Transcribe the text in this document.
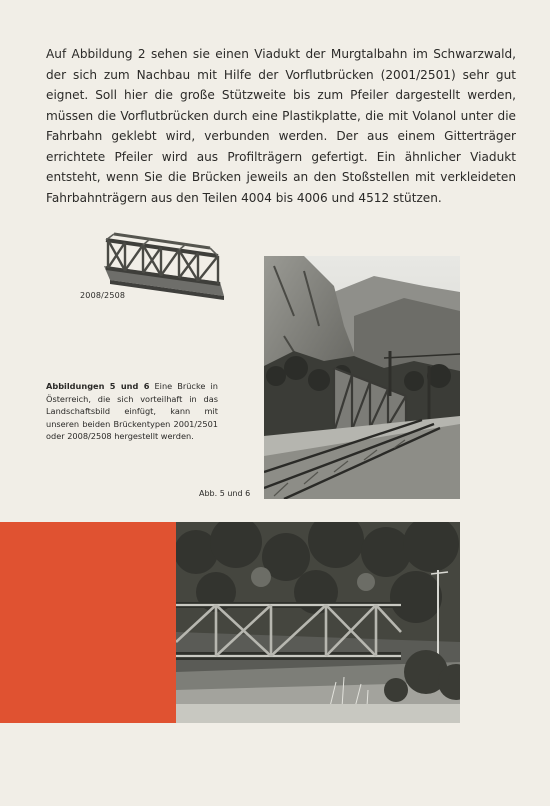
Auf Abbildung 2 sehen sie einen Viadukt der Murgtalbahn im Schwarzwald, der sich zum Nachbau mit Hilfe der Vorflutbrücken (2001/2501) sehr gut eignet. Soll hier die große Stützweite bis zum Pfeiler dargestellt werden, müssen die Vorflutbrücken durch eine Plastikplatte, die mit Volanol unter die Fahrbahn geklebt wird, verbunden werden. Der aus einem Gitterträger errichtete Pfeiler wird aus Profilträgern gefertigt. Ein ähnlicher Viadukt entsteht, wenn Sie die Brücken jeweils an den Stoßstellen mit verkleideten Fahrbahnträgern aus den Teilen 4004 bis 4006 und 4512 stützen.

2008/2508

Abbildungen 5 und 6 Eine Brücke in Österreich, die sich vorteilhaft in das Landschaftsbild einfügt, kann mit unseren beiden Brückentypen 2001/2501 oder 2008/2508 hergestellt werden.

Abb. 5 und 6
